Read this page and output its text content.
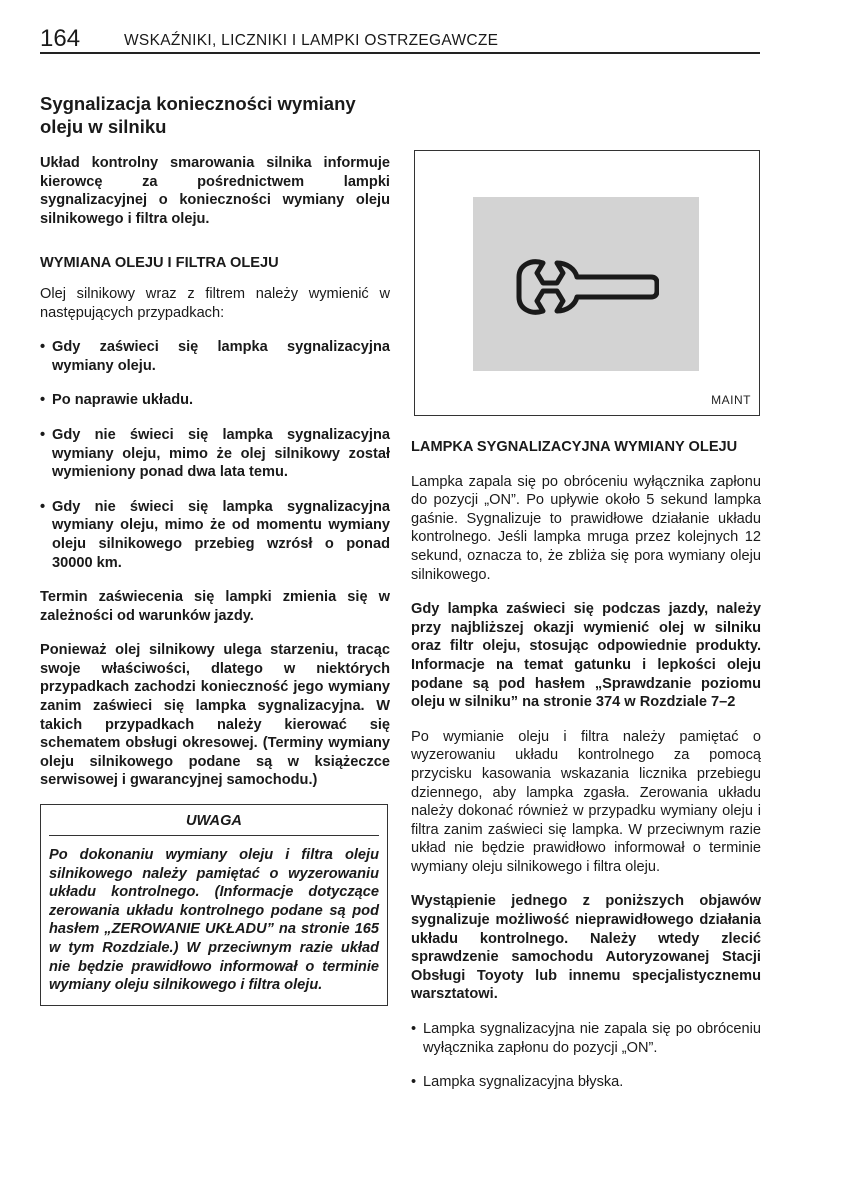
164	WSKAŹNIKI, LICZNIKI I LAMPKI OSTRZEGAWCZE
Sygnalizacja konieczności wymiany oleju w silniku

Układ kontrolny smarowania silnika informuje kierowcę za pośrednictwem lampki sygnalizacyjnej o konieczności wymiany oleju silnikowego i filtra oleju.

WYMIANA OLEJU I FILTRA OLEJU

Olej silnikowy wraz z filtrem należy wymienić w następujących przypadkach:

• Gdy zaświeci się lampka sygnalizacyjna wymiany oleju.
• Po naprawie układu.
• Gdy nie świeci się lampka sygnalizacyjna wymiany oleju, mimo że olej silnikowy został wymieniony ponad dwa lata temu.
• Gdy nie świeci się lampka sygnalizacyjna wymiany oleju, mimo że od momentu wymiany oleju silnikowego przebieg wzrósł o ponad 30000 km.

Termin zaświecenia się lampki zmienia się w zależności od warunków jazdy.

Ponieważ olej silnikowy ulega starzeniu, tracąc swoje właściwości, dlatego w niektórych przypadkach zachodzi konieczność jego wymiany zanim zaświeci się lampka sygnalizacyjna. W takich przypadkach należy kierować się schematem obsługi okresowej. (Terminy wymiany oleju silnikowego podane są w książeczce serwisowej i gwarancyjnej samochodu.)

UWAGA
Po dokonaniu wymiany oleju i filtra oleju silnikowego należy pamiętać o wyzerowaniu układu kontrolnego. (Informacje dotyczące zerowania układu kontrolnego podane są pod hasłem „ZEROWANIE UKŁADU” na stronie 165 w tym Rozdziale.) W przeciwnym razie układ nie będzie prawidłowo informował o terminie wymiany oleju silnikowego i filtra oleju.
MAINT
LAMPKA SYGNALIZACYJNA WYMIANY OLEJU

Lampka zapala się po obróceniu wyłącznika zapłonu do pozycji „ON”. Po upływie około 5 sekund lampka gaśnie. Sygnalizuje to prawidłowe działanie układu kontrolnego. Jeśli lampka mruga przez kolejnych 12 sekund, oznacza to, że zbliża się pora wymiany oleju silnikowego.

Gdy lampka zaświeci się podczas jazdy, należy przy najbliższej okazji wymienić olej w silniku oraz filtr oleju, stosując odpowiednie produkty. Informacje na temat gatunku i lepkości oleju podane są pod hasłem „Sprawdzanie poziomu oleju w silniku” na stronie 374 w Rozdziale 7–2

Po wymianie oleju i filtra należy pamiętać o wyzerowaniu układu kontrolnego za pomocą przycisku kasowania wskazania licznika przebiegu dziennego, aby lampka zgasła. Zerowania układu należy dokonać również w przypadku wymiany oleju i filtra zanim zaświeci się lampka. W przeciwnym razie układ nie będzie prawidłowo informował o terminie wymiany oleju silnikowego i filtra oleju.

Wystąpienie jednego z poniższych objawów sygnalizuje możliwość nieprawidłowego działania układu kontrolnego. Należy wtedy zlecić sprawdzenie samochodu Autoryzowanej Stacji Obsługi Toyoty lub innemu specjalistycznemu warsztatowi.

• Lampka sygnalizacyjna nie zapala się po obróceniu wyłącznika zapłonu do pozycji „ON”.
• Lampka sygnalizacyjna błyska.
